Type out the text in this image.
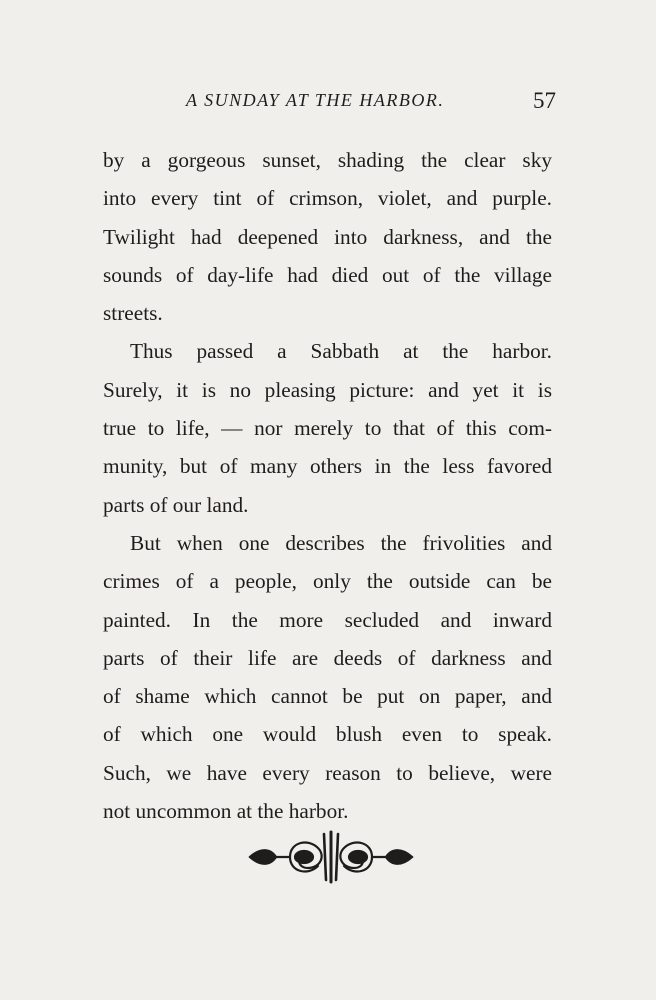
A SUNDAY AT THE HARBOR.	57
by a gorgeous sunset, shading the clear sky
into every tint of crimson, violet, and purple.
Twilight had deepened into darkness, and the
sounds of day-life had died out of the village
streets.
Thus passed a Sabbath at the harbor.
Surely, it is no pleasing picture: and yet it is
true to life, — nor merely to that of this com-
munity, but of many others in the less favored
parts of our land.
But when one describes the frivolities and
crimes of a people, only the outside can be
painted. In the more secluded and inward
parts of their life are deeds of darkness and
of shame which cannot be put on paper, and
of which one would blush even to speak.
Such, we have every reason to believe, were
not uncommon at the harbor.
